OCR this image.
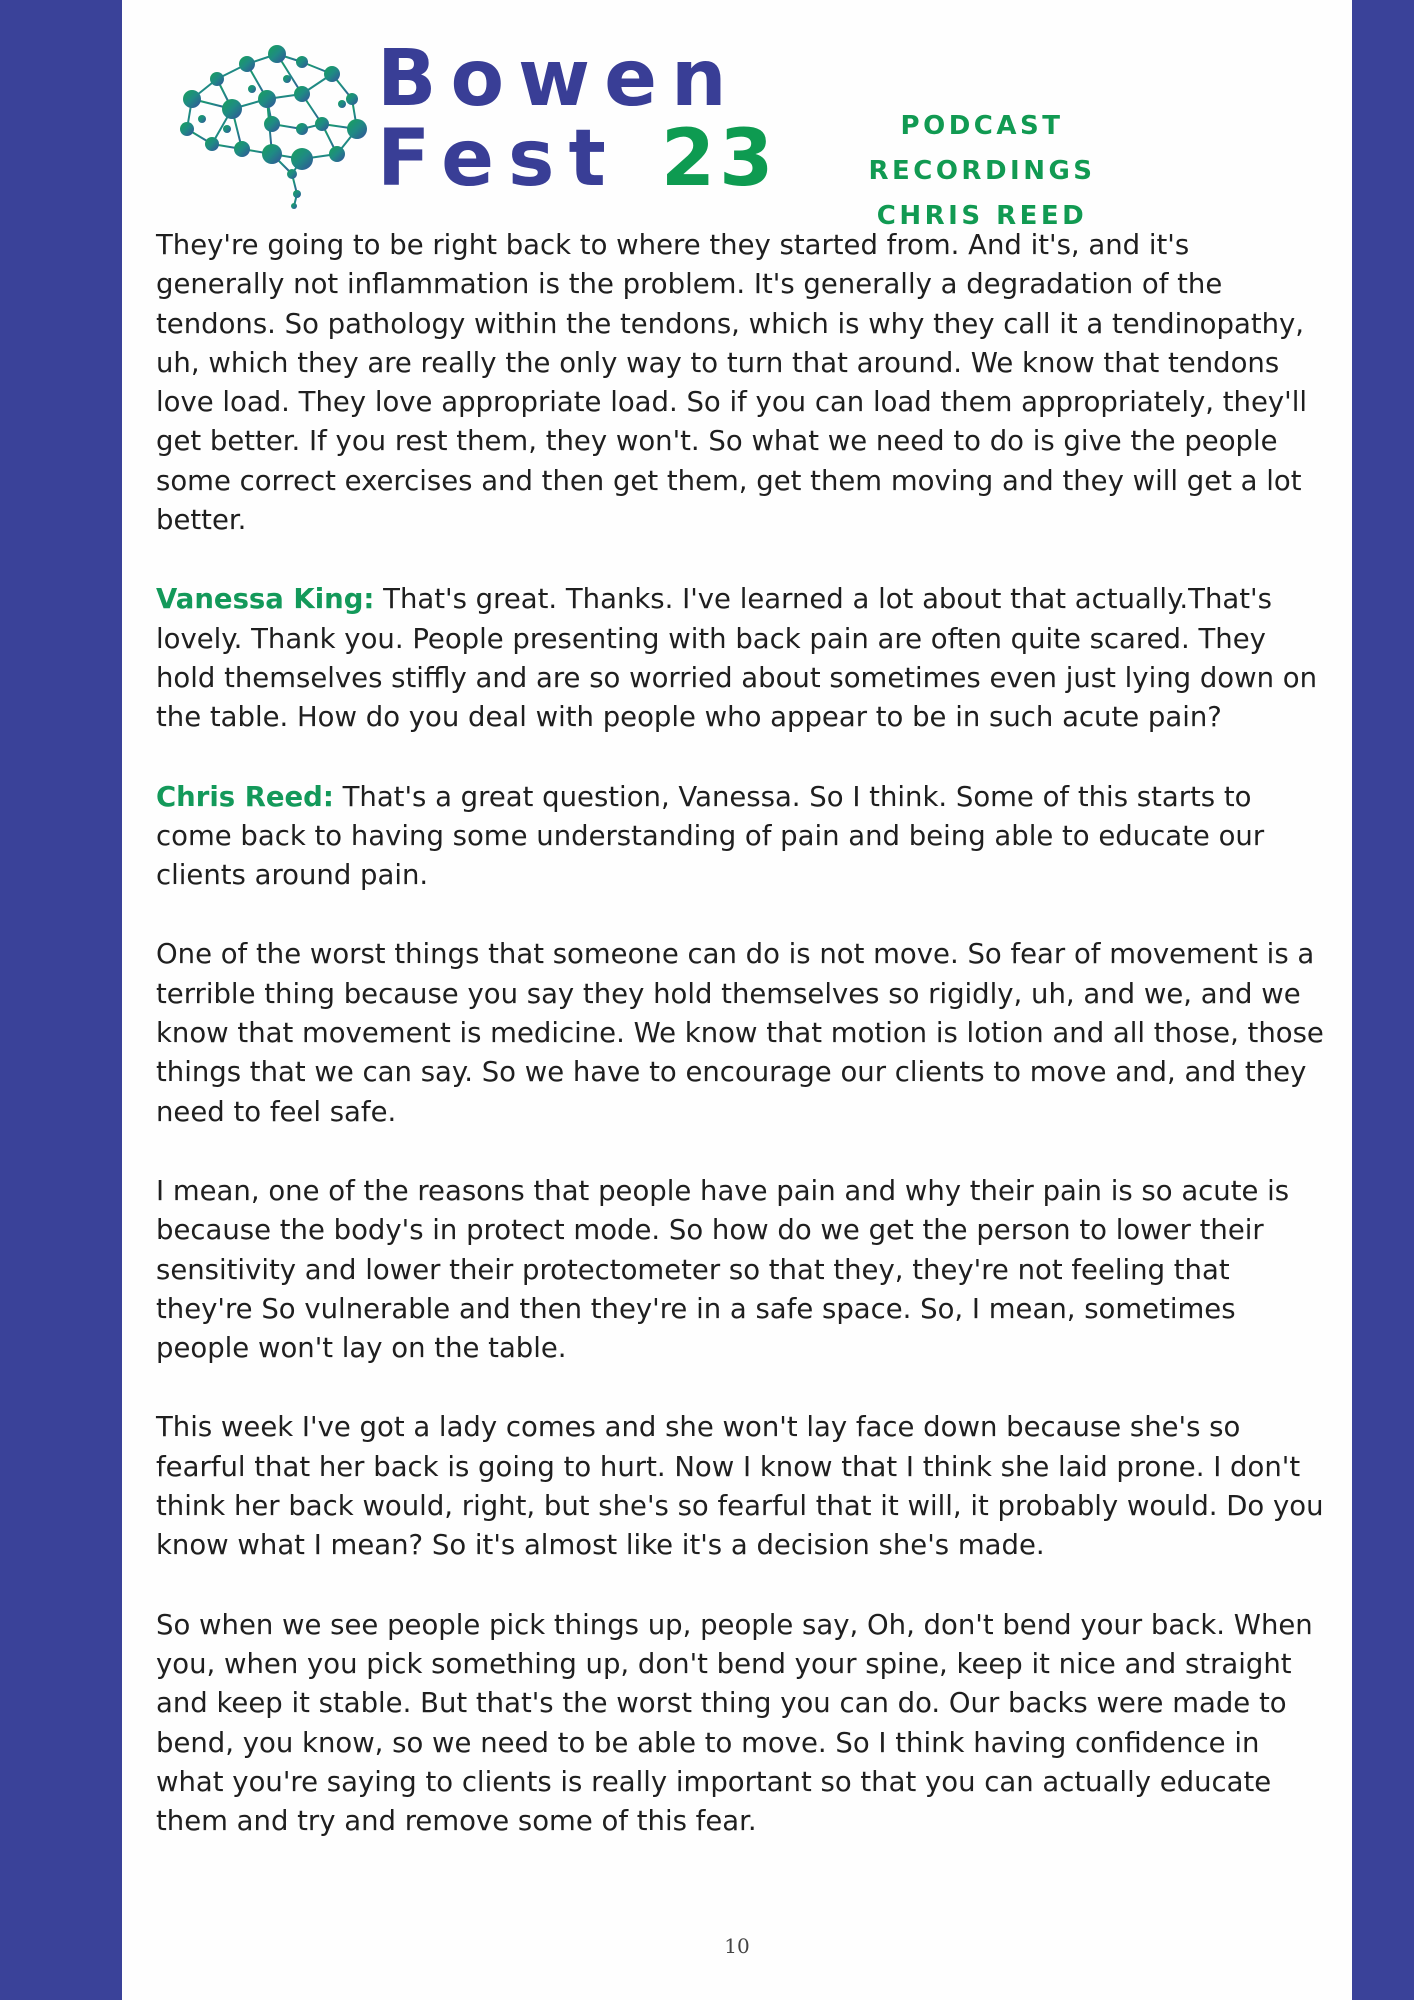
Bowen
Fest 23	PODCAST RECORDINGS
CHRIS REED

They're going to be right back to where they started from. And it's, and it's generally not inflammation is the problem. It's generally a degradation of the tendons. So pathology within the tendons, which is why they call it a tendinopathy, uh, which they are really the only way to turn that around. We know that tendons love load. They love appropriate load. So if you can load them appropriately, they'll get better. If you rest them, they won't. So what we need to do is give the people some correct exercises and then get them, get them moving and they will get a lot better.

Vanessa King: That's great. Thanks. I've learned a lot about that actually.That's lovely. Thank you. People presenting with back pain are often quite scared. They hold themselves stiffly and are so worried about sometimes even just lying down on the table. How do you deal with people who appear to be in such acute pain?

Chris Reed: That's a great question, Vanessa. So I think. Some of this starts to come back to having some understanding of pain and being able to educate our clients around pain.

One of the worst things that someone can do is not move. So fear of movement is a terrible thing because you say they hold themselves so rigidly, uh, and we, and we know that movement is medicine. We know that motion is lotion and all those, those things that we can say. So we have to encourage our clients to move and, and they need to feel safe.

I mean, one of the reasons that people have pain and why their pain is so acute is because the body's in protect mode. So how do we get the person to lower their sensitivity and lower their protectometer so that they, they're not feeling that they're So vulnerable and then they're in a safe space. So, I mean, sometimes people won't lay on the table.

This week I've got a lady comes and she won't lay face down because she's so fearful that her back is going to hurt. Now I know that I think she laid prone. I don't think her back would, right, but she's so fearful that it will, it probably would. Do you know what I mean? So it's almost like it's a decision she's made.

So when we see people pick things up, people say, Oh, don't bend your back. When you, when you pick something up, don't bend your spine, keep it nice and straight and keep it stable. But that's the worst thing you can do. Our backs were made to bend, you know, so we need to be able to move. So I think having confidence in what you're saying to clients is really important so that you can actually educate them and try and remove some of this fear.

10
